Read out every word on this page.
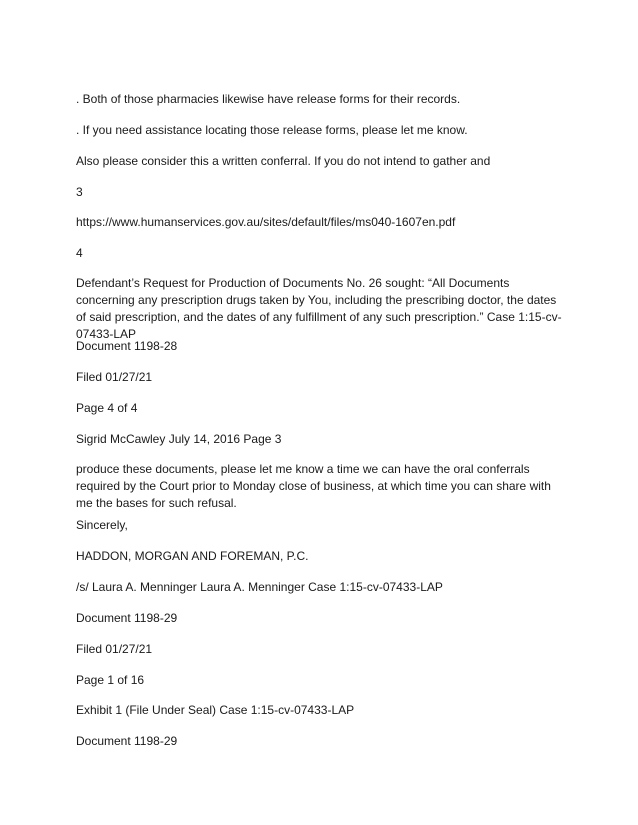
. Both of those pharmacies likewise have release forms for their records.

. If you need assistance locating those release forms, please let me know.

Also please consider this a written conferral. If you do not intend to gather and

3

https://www.humanservices.gov.au/sites/default/files/ms040-1607en.pdf

4

Defendant’s Request for Production of Documents No. 26 sought: “All Documents concerning any prescription drugs taken by You, including the prescribing doctor, the dates of said prescription, and the dates of any fulfillment of any such prescription.” Case 1:15-cv-07433-LAP

Document 1198-28

Filed 01/27/21

Page 4 of 4

Sigrid McCawley July 14, 2016 Page 3

produce these documents, please let me know a time we can have the oral conferrals required by the Court prior to Monday close of business, at which time you can share with me the bases for such refusal.

Sincerely,

HADDON, MORGAN AND FOREMAN, P.C.

/s/ Laura A. Menninger Laura A. Menninger Case 1:15-cv-07433-LAP

Document 1198-29

Filed 01/27/21

Page 1 of 16

Exhibit 1 (File Under Seal) Case 1:15-cv-07433-LAP

Document 1198-29
